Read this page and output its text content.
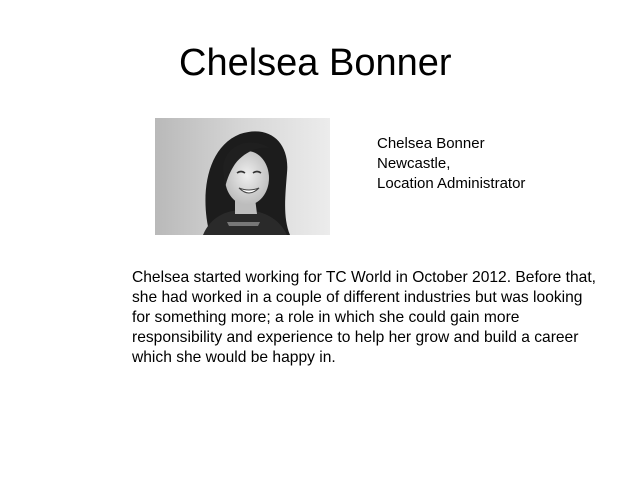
Chelsea Bonner
Chelsea Bonner
Newcastle,
Location Administrator
Chelsea started working for TC World in October 2012. Before that,
she had worked in a couple of different industries but was looking
for something more; a role in which she could gain more
responsibility and experience to help her grow and build a career
which she would be happy in.
